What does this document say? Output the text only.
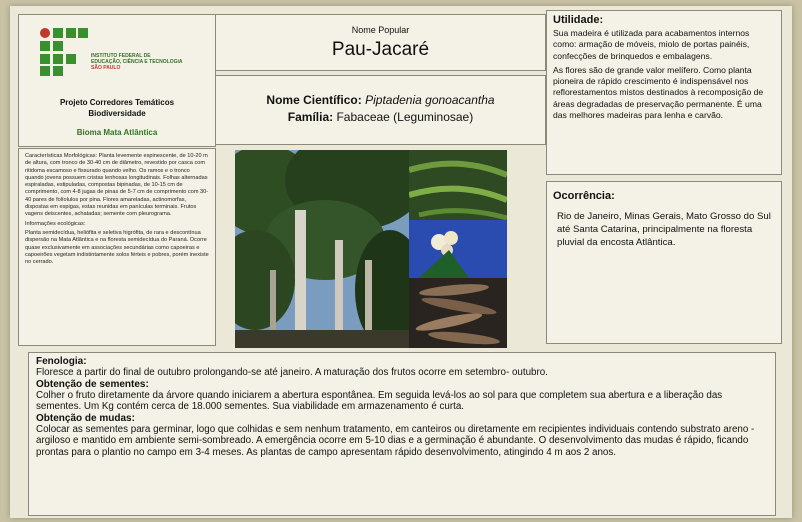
INSTITUTO FEDERAL DE
EDUCAÇÃO, CIÊNCIA E TECNOLOGIA
SÃO PAULO
Projeto Corredores Temáticos
Biodiversidade
Bioma Mata Atlântica

Características Morfológicas: Planta levemente espinescente, de 10-20 m de altura, com tronco de 30-40 cm de diâmetro, revestido por casca com ritidoma escamoso e fissurado quando velho. Os ramos e o tronco quando jovens possuem cristas lenhosas longitudinais. Folhas alternadas espiraladas, estipuladas, compostas bipinadas, de 10-15 cm de comprimento, com 4-8 jugas de pinas de 5-7 cm de comprimento com 30-40 pares de folíolulos por pina. Flores amareladas, actinomorfas, dispostas em espigas, estas reunidas em panículas terminais. Frutos vagens deiscentes, achatadas; semente com pleurograma.

Informações ecológicas:

Planta semidecídua, heliófita e seletiva higrófita, de rara e descontínua dispersão na Mata Atlântica e na floresta semidecídua do Paraná. Ocorre quase exclusivamente em associações secundárias como capoeiras e capoeirões vegetam indistintamente solos férteis e pobres, porém inexiste no cerrado.

Nome Popular
Pau-Jacaré
Nome Científico: Piptadenia gonoacantha
Família: Fabaceae (Leguminosae)
Utilidade:

Sua madeira é utilizada para acabamentos internos como: armação de móveis, miolo de portas painéis, confecções de brinquedos e embalagens.

As flores são de grande valor melífero. Como planta pioneira de rápido crescimento é indispensável nos reflorestamentos mistos destinados à recomposição de áreas degradadas de preservação permanente. É uma das melhores madeiras para lenha e carvão.

Ocorrência:
Rio de Janeiro, Minas Gerais, Mato Grosso do Sul até Santa Catarina, principalmente na floresta pluvial da encosta Atlântica.
Fenologia:
Floresce a partir do final de outubro prolongando-se até janeiro. A maturação dos frutos ocorre em setembro- outubro.
Obtenção de sementes:
Colher o fruto diretamente da árvore quando iniciarem a abertura espontânea. Em seguida levá-los ao sol para que completem sua abertura e a liberação das sementes. Um Kg contém cerca de 18.000 sementes. Sua viabilidade em armazenamento é curta.
Obtenção de mudas:
Colocar as sementes para germinar, logo que colhidas e sem nenhum tratamento, em canteiros ou diretamente em recipientes individuais contendo substrato areno - argiloso e mantido em ambiente semi-sombreado. A emergência ocorre em 5-10 dias e a germinação é abundante. O desenvolvimento das mudas é rápido, ficando prontas para o plantio no campo em 3-4 meses. As plantas de campo apresentam rápido desenvolvimento, atingindo 4 m aos 2 anos.
